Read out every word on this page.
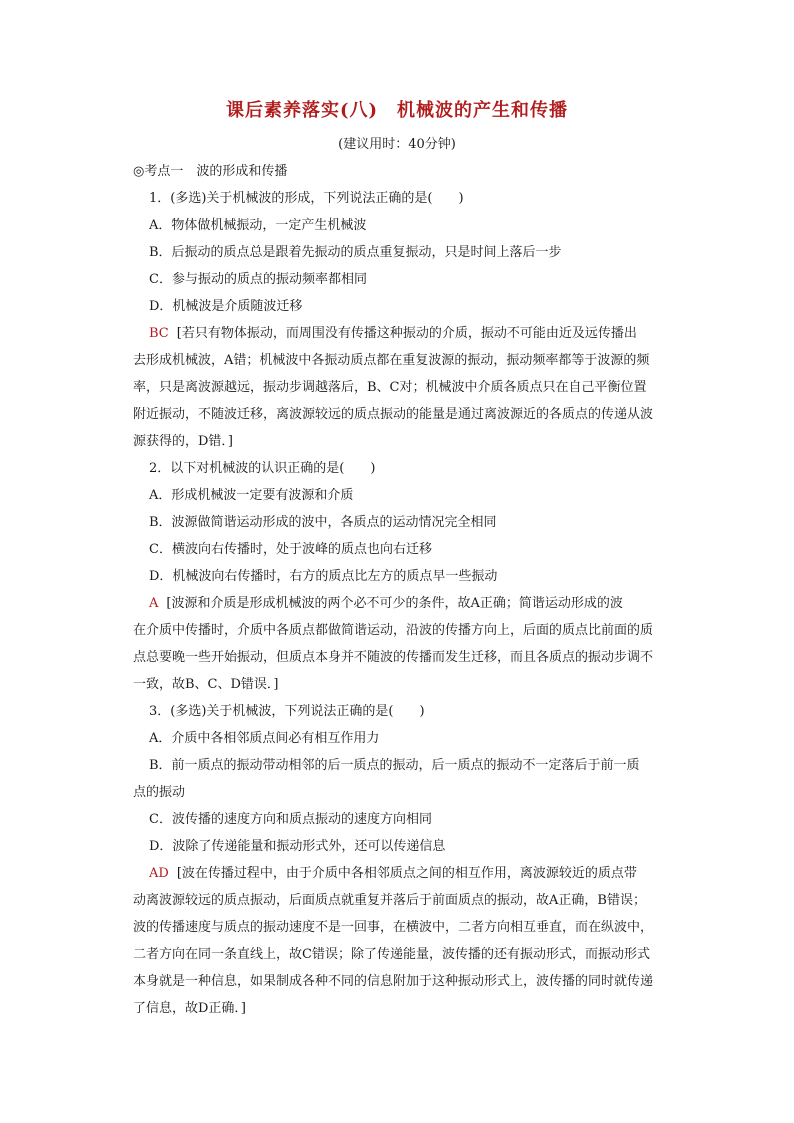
课后素养落实(八)　机械波的产生和传播
(建议用时：40分钟)
◎考点一　波的形成和传播
1．(多选)关于机械波的形成，下列说法正确的是(　　)
A．物体做机械振动，一定产生机械波
B．后振动的质点总是跟着先振动的质点重复振动，只是时间上落后一步
C．参与振动的质点的振动频率都相同
D．机械波是介质随波迁移
BC [若只有物体振动，而周围没有传播这种振动的介质，振动不可能由近及远传播出
去形成机械波，A错；机械波中各振动质点都在重复波源的振动，振动频率都等于波源的频
率，只是离波源越远，振动步调越落后，B、C对；机械波中介质各质点只在自己平衡位置
附近振动，不随波迁移，离波源较远的质点振动的能量是通过离波源近的各质点的传递从波
源获得的，D错．]
2．以下对机械波的认识正确的是(　　)
A．形成机械波一定要有波源和介质
B．波源做简谐运动形成的波中，各质点的运动情况完全相同
C．横波向右传播时，处于波峰的质点也向右迁移
D．机械波向右传播时，右方的质点比左方的质点早一些振动
A [波源和介质是形成机械波的两个必不可少的条件，故A正确；简谐运动形成的波
在介质中传播时，介质中各质点都做简谐运动，沿波的传播方向上，后面的质点比前面的质
点总要晚一些开始振动，但质点本身并不随波的传播而发生迁移，而且各质点的振动步调不
一致，故B、C、D错误．]
3．(多选)关于机械波，下列说法正确的是(　　)
A．介质中各相邻质点间必有相互作用力
B．前一质点的振动带动相邻的后一质点的振动，后一质点的振动不一定落后于前一质
点的振动
C．波传播的速度方向和质点振动的速度方向相同
D．波除了传递能量和振动形式外，还可以传递信息
AD [波在传播过程中，由于介质中各相邻质点之间的相互作用，离波源较近的质点带
动离波源较远的质点振动，后面质点就重复并落后于前面质点的振动，故A正确，B错误；
波的传播速度与质点的振动速度不是一回事，在横波中，二者方向相互垂直，而在纵波中，
二者方向在同一条直线上，故C错误；除了传递能量，波传播的还有振动形式，而振动形式
本身就是一种信息，如果制成各种不同的信息附加于这种振动形式上，波传播的同时就传递
了信息，故D正确．]
